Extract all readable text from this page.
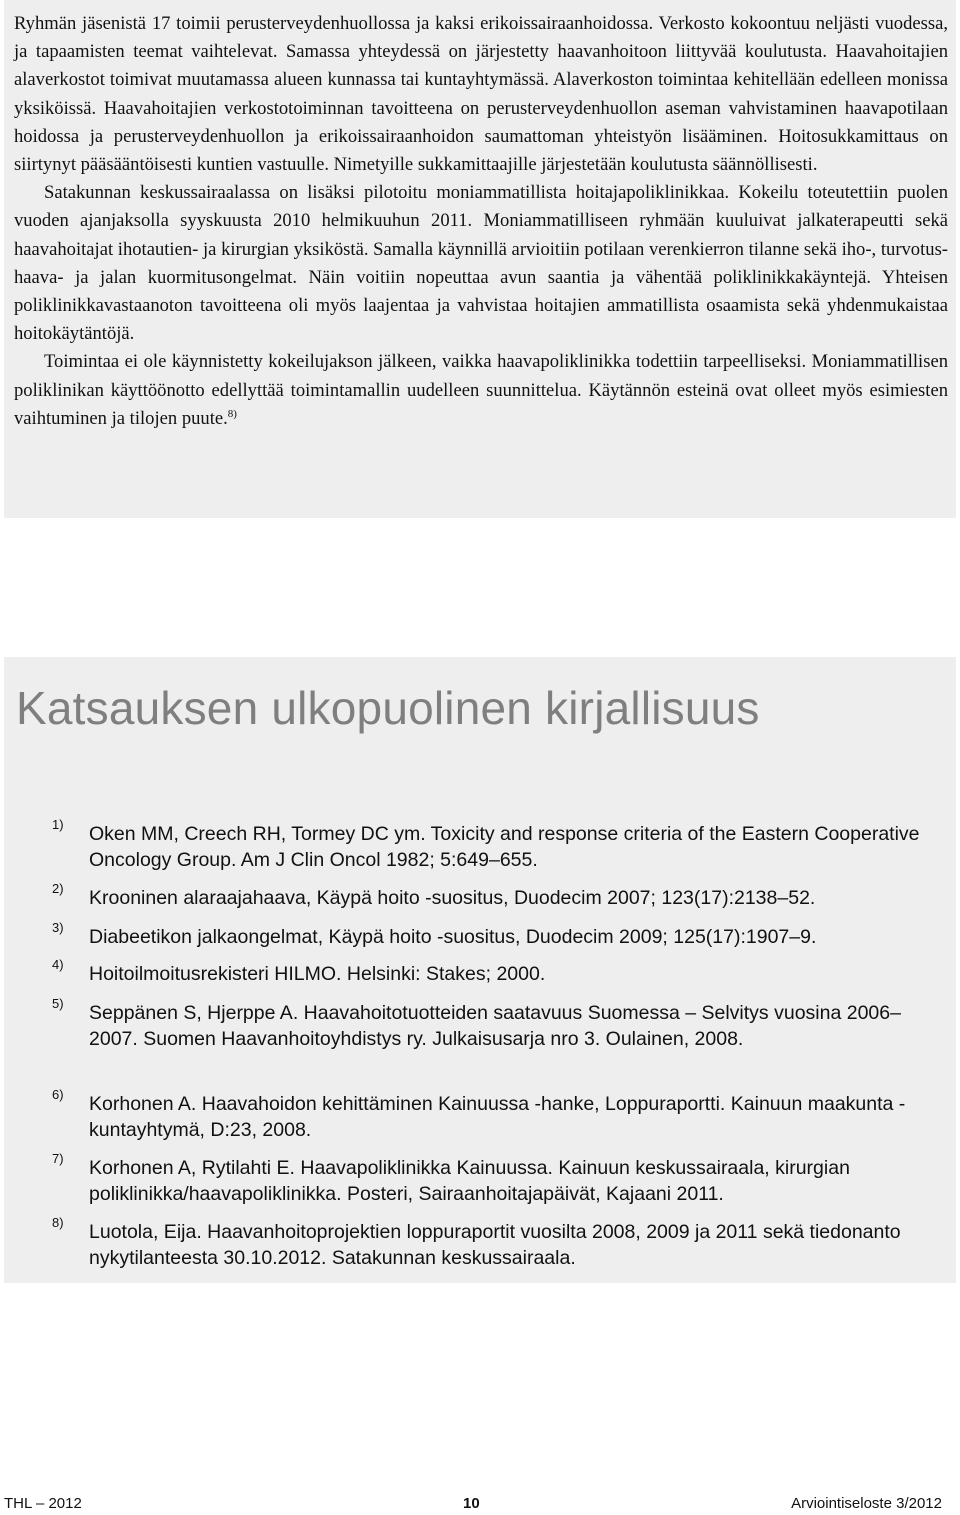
Ryhmän jäsenistä 17 toimii perusterveydenhuollossa ja kaksi erikoissairaanhoidossa. Verkosto kokoontuu neljästi vuodessa, ja tapaamisten teemat vaihtelevat. Samassa yhteydessä on järjestetty haavanhoitoon liittyvää koulutusta. Haavahoitajien alaverkostot toimivat muutamassa alueen kunnassa tai kuntayhtymässä. Alaverkoston toimintaa kehitellään edelleen monissa yksiköissä. Haavahoitajien verkostotoiminnan tavoitteena on perusterveydenhuollon aseman vahvistaminen haavapotilaan hoidossa ja perusterveydenhuollon ja erikoissairaanhoidon saumattoman yhteistyön lisääminen. Hoitosukkamittaus on siirtynyt pääsääntöisesti kuntien vastuulle. Nimetyille sukkamittaajille järjestetään koulutusta säännöllisesti.

Satakunnan keskussairaalassa on lisäksi pilotoitu moniammatillista hoitajapoliklinikkaa. Kokeilu toteutettiin puolen vuoden ajanjaksolla syyskuusta 2010 helmikuuhun 2011. Moniammatilliseen ryhmään kuuluivat jalkaterapeutti sekä haavahoitajat ihotautien- ja kirurgian yksiköstä. Samalla käynnillä arvioitiin potilaan verenkierron tilanne sekä iho-, turvotus- haava- ja jalan kuormitusongelmat. Näin voitiin nopeuttaa avun saantia ja vähentää poliklinikkakäyntejä. Yhteisen poliklinikkavastaanoton tavoitteena oli myös laajentaa ja vahvistaa hoitajien ammatillista osaamista sekä yhdenmukaistaa hoitokäytäntöjä.

Toimintaa ei ole käynnistetty kokeilujakson jälkeen, vaikka haavapoliklinikka todettiin tarpeelliseksi. Moniammatillisen poliklinikan käyttöönotto edellyttää toimintamallin uudelleen suunnittelua. Käytännön esteinä ovat olleet myös esimiesten vaihtuminen ja tilojen puute.$^{8)}$

Katsauksen ulkopuolinen kirjallisuus
1) Oken MM, Creech RH, Tormey DC ym. Toxicity and response criteria of the Eastern Cooperative Oncology Group. Am J Clin Oncol 1982; 5:649–655.
2) Krooninen alaraajahaava, Käypä hoito -suositus, Duodecim 2007; 123(17):2138–52.
3) Diabeetikon jalkaongelmat, Käypä hoito -suositus, Duodecim 2009; 125(17):1907–9.
4) Hoitoilmoitusrekisteri HILMO. Helsinki: Stakes; 2000.
5) Seppänen S, Hjerppe A. Haavahoitotuotteiden saatavuus Suomessa – Selvitys vuosina 2006–2007. Suomen Haavanhoitoyhdistys ry. Julkaisusarja nro 3. Oulainen, 2008.
6) Korhonen A. Haavahoidon kehittäminen Kainuussa -hanke, Loppuraportti. Kainuun maakunta -kuntayhtymä, D:23, 2008.
7) Korhonen A, Rytilahti E. Haavapoliklinikka Kainuussa. Kainuun keskussairaala, kirurgian poliklinikka/haavapoliklinikka. Posteri, Sairaanhoitajapäivät, Kajaani 2011.
8) Luotola, Eija. Haavanhoitoprojektien loppuraportit vuosilta 2008, 2009 ja 2011 sekä tiedonanto nykytilanteesta 30.10.2012. Satakunnan keskussairaala.
THL – 2012	10	Arviointiseloste 3/2012
